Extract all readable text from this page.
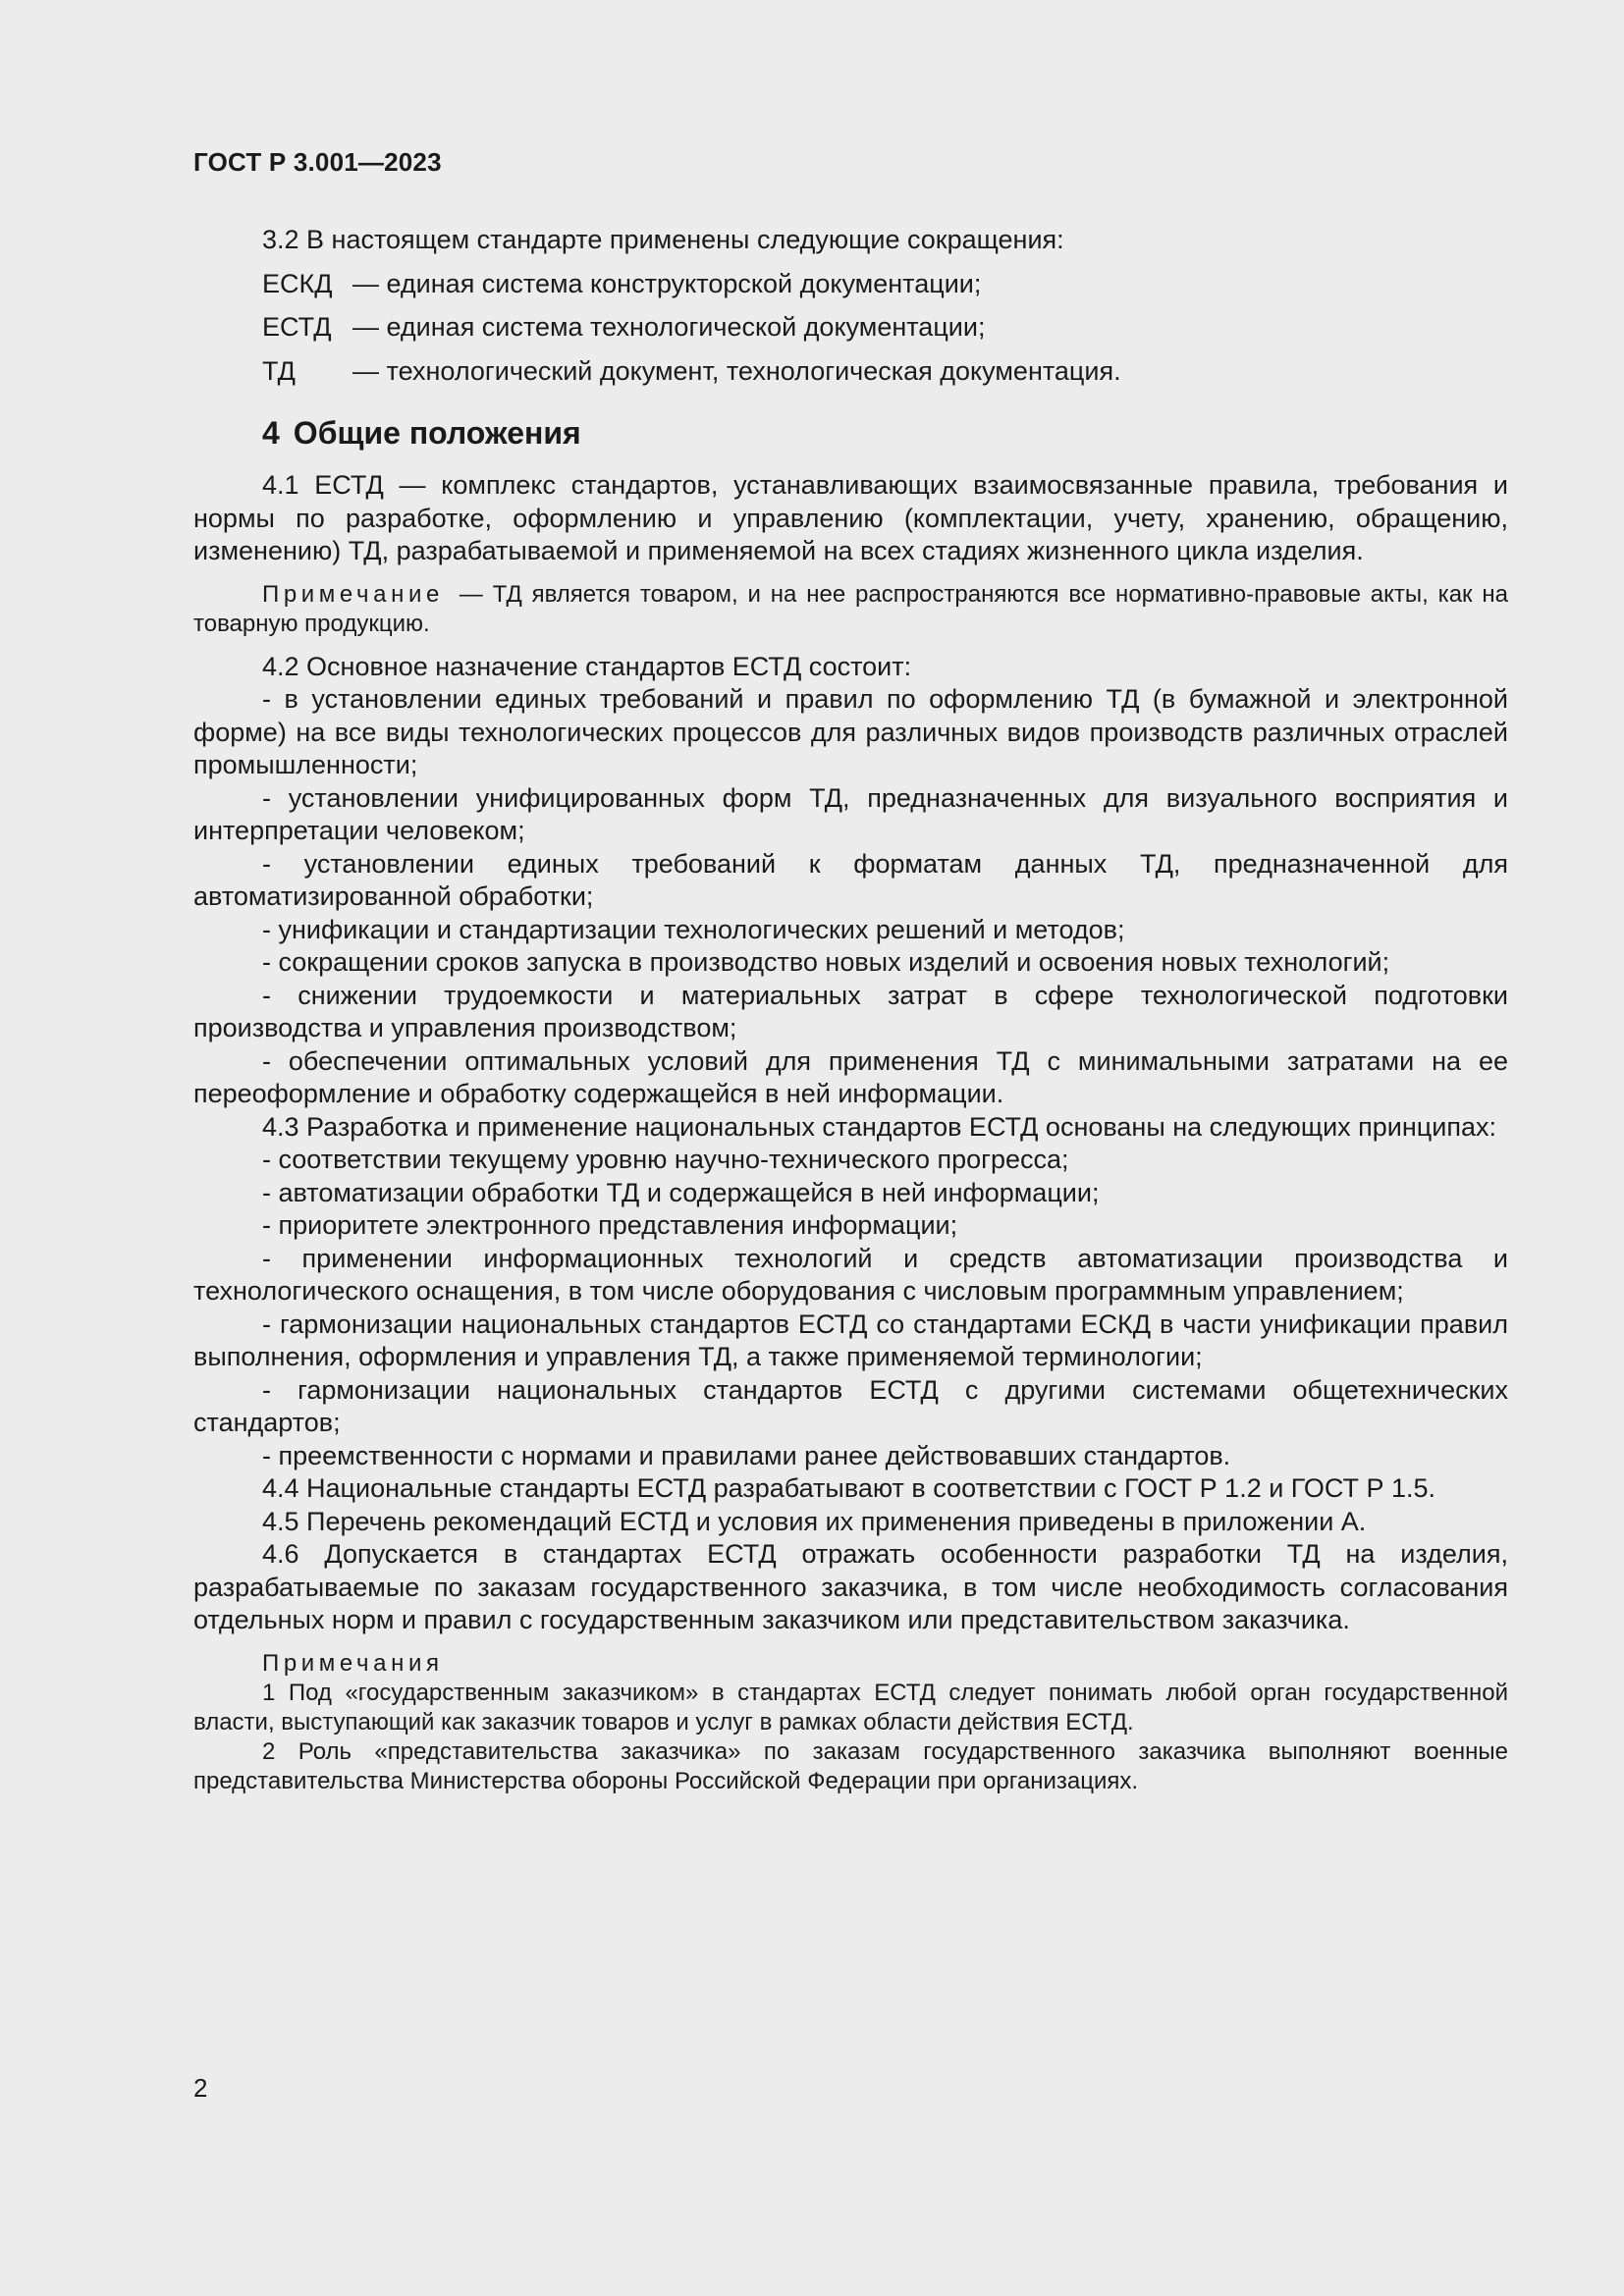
ГОСТ Р 3.001—2023

3.2 В настоящем стандарте применены следующие сокращения:

ЕСКД — единая система конструкторской документации;
ЕСТД — единая система технологической документации;
ТД	— технологический документ, технологическая документация.
4 Общие положения

4.1 ЕСТД — комплекс стандартов, устанавливающих взаимосвязанные правила, требования и нормы по разработке, оформлению и управлению (комплектации, учету, хранению, обращению, изменению) ТД, разрабатываемой и применяемой на всех стадиях жизненного цикла изделия.

Примечание — ТД является товаром, и на нее распространяются все нормативно-правовые акты, как на товарную продукцию.

4.2 Основное назначение стандартов ЕСТД состоит:

- в установлении единых требований и правил по оформлению ТД (в бумажной и электронной форме) на все виды технологических процессов для различных видов производств различных отраслей промышленности;

- установлении унифицированных форм ТД, предназначенных для визуального восприятия и интерпретации человеком;

- установлении единых требований к форматам данных ТД, предназначенной для автоматизированной обработки;

- унификации и стандартизации технологических решений и методов;

- сокращении сроков запуска в производство новых изделий и освоения новых технологий;

- снижении трудоемкости и материальных затрат в сфере технологической подготовки производства и управления производством;

- обеспечении оптимальных условий для применения ТД с минимальными затратами на ее переоформление и обработку содержащейся в ней информации.

4.3 Разработка и применение национальных стандартов ЕСТД основаны на следующих принципах:

- соответствии текущему уровню научно-технического прогресса;

- автоматизации обработки ТД и содержащейся в ней информации;

- приоритете электронного представления информации;

- применении информационных технологий и средств автоматизации производства и технологического оснащения, в том числе оборудования с числовым программным управлением;

- гармонизации национальных стандартов ЕСТД со стандартами ЕСКД в части унификации правил выполнения, оформления и управления ТД, а также применяемой терминологии;

- гармонизации национальных стандартов ЕСТД с другими системами общетехнических стандартов;

- преемственности с нормами и правилами ранее действовавших стандартов.

4.4 Национальные стандарты ЕСТД разрабатывают в соответствии с ГОСТ Р 1.2 и ГОСТ Р 1.5.

4.5 Перечень рекомендаций ЕСТД и условия их применения приведены в приложении А.

4.6 Допускается в стандартах ЕСТД отражать особенности разработки ТД на изделия, разрабатываемые по заказам государственного заказчика, в том числе необходимость согласования отдельных норм и правил с государственным заказчиком или представительством заказчика.

Примечания

1 Под «государственным заказчиком» в стандартах ЕСТД следует понимать любой орган государственной власти, выступающий как заказчик товаров и услуг в рамках области действия ЕСТД.

2 Роль «представительства заказчика» по заказам государственного заказчика выполняют военные представительства Министерства обороны Российской Федерации при организациях.

2
